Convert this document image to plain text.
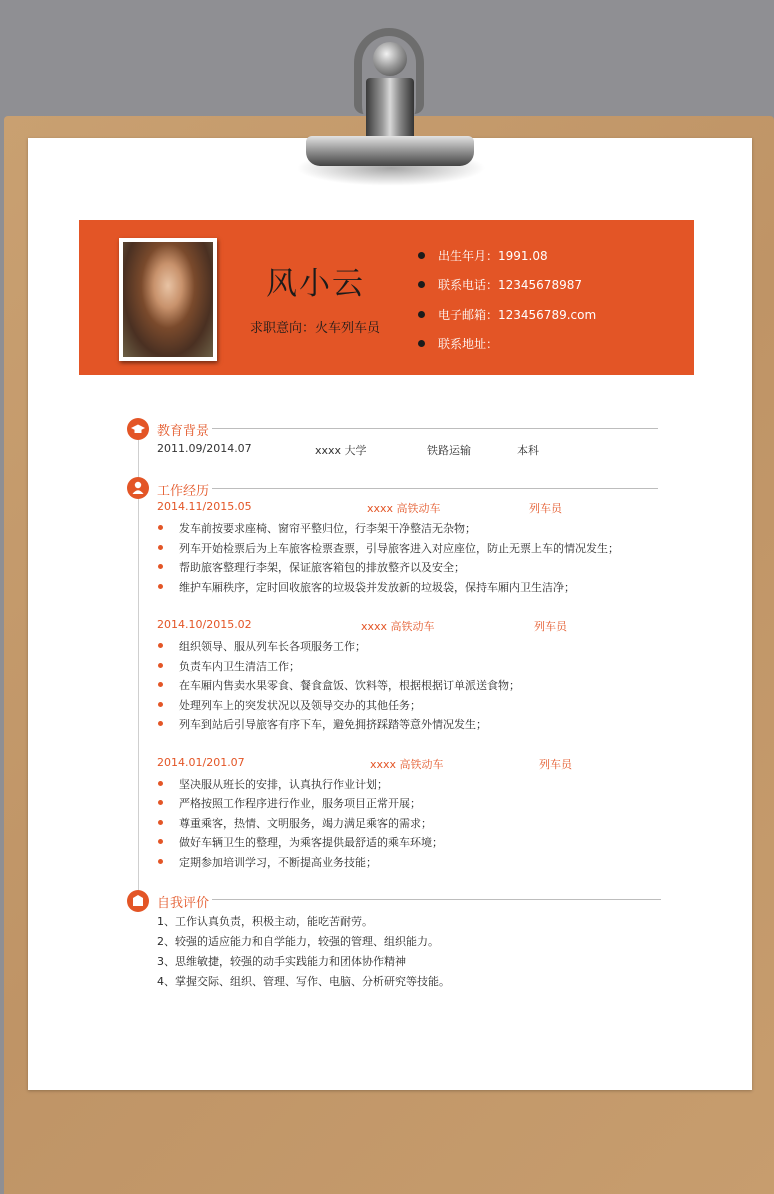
风小云
求职意向：火车列车员
出生年月：1991.08
联系电话：12345678987
电子邮箱：123456789.com
联系地址：
教育背景
2011.09/2014.07	xxxx 大学	铁路运输	本科
工作经历
2014.11/2015.05	xxxx 高铁动车	列车员
发车前按要求座椅、窗帘平整归位，行李架干净整洁无杂物；
列车开始检票后为上车旅客检票查票，引导旅客进入对应座位，防止无票上车的情况发生；
帮助旅客整理行李架，保证旅客箱包的排放整齐以及安全；
维护车厢秩序，定时回收旅客的垃圾袋并发放新的垃圾袋，保持车厢内卫生洁净；
2014.10/2015.02	xxxx 高铁动车	列车员
组织领导、服从列车长各项服务工作；
负责车内卫生清洁工作；
在车厢内售卖水果零食、餐食盒饭、饮料等，根据根据订单派送食物；
处理列车上的突发状况以及领导交办的其他任务；
列车到站后引导旅客有序下车，避免拥挤踩踏等意外情况发生；
2014.01/201.07	xxxx 高铁动车	列车员
坚决服从班长的安排，认真执行作业计划；
严格按照工作程序进行作业，服务项目正常开展；
尊重乘客，热情、文明服务，竭力满足乘客的需求；
做好车辆卫生的整理，为乘客提供最舒适的乘车环境；
定期参加培训学习，不断提高业务技能；
自我评价
1、工作认真负责，积极主动，能吃苦耐劳。
2、较强的适应能力和自学能力，较强的管理、组织能力。
3、思维敏捷，较强的动手实践能力和团体协作精神
4、掌握交际、组织、管理、写作、电脑、分析研究等技能。
